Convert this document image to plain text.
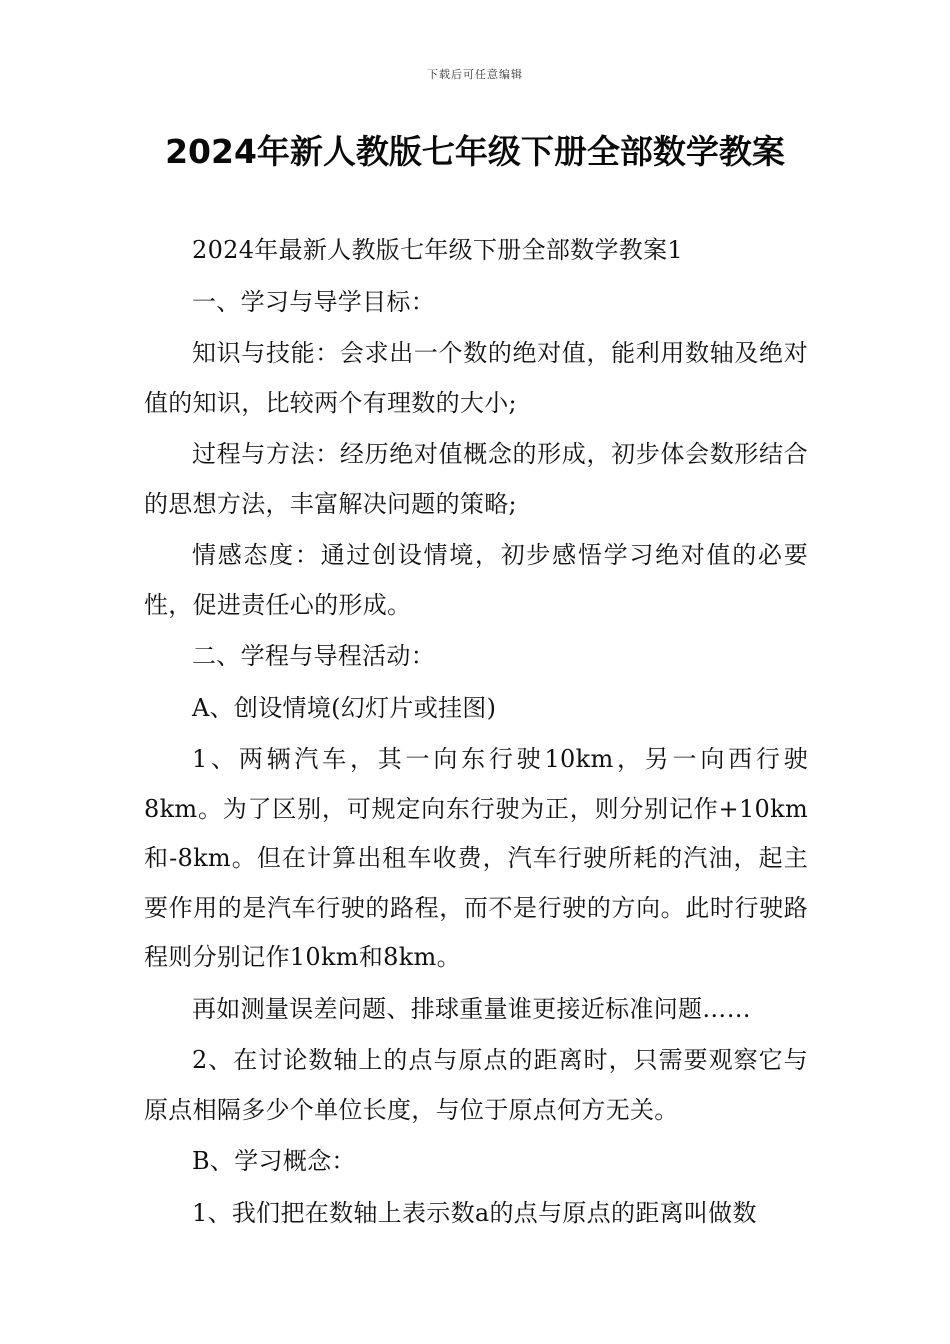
下载后可任意编辑
2024年新人教版七年级下册全部数学教案

2024年最新人教版七年级下册全部数学教案1

一、学习与导学目标：

知识与技能：会求出一个数的绝对值，能利用数轴及绝对值的知识，比较两个有理数的大小;

过程与方法：经历绝对值概念的形成，初步体会数形结合的思想方法，丰富解决问题的策略;

情感态度：通过创设情境，初步感悟学习绝对值的必要性，促进责任心的形成。

二、学程与导程活动：

A、创设情境(幻灯片或挂图)

1、两辆汽车，其一向东行驶10km，另一向西行驶8km。为了区别，可规定向东行驶为正，则分别记作+10km和-8km。但在计算出租车收费，汽车行驶所耗的汽油，起主要作用的是汽车行驶的路程，而不是行驶的方向。此时行驶路程则分别记作10km和8km。

再如测量误差问题、排球重量谁更接近标准问题……

2、在讨论数轴上的点与原点的距离时，只需要观察它与原点相隔多少个单位长度，与位于原点何方无关。

B、学习概念：

1、我们把在数轴上表示数a的点与原点的距离叫做数
